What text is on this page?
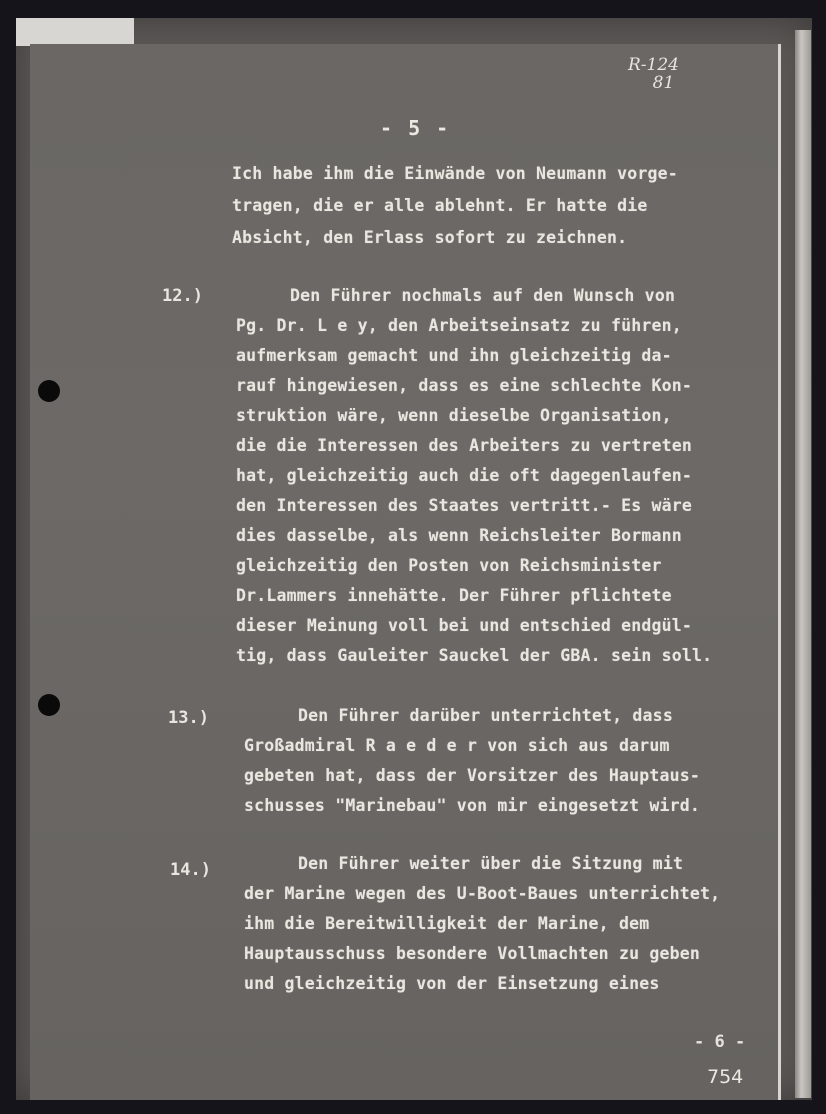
R-124
81
- 5 -
Ich habe ihm die Einwände von Neumann vorge-
tragen, die er alle ablehnt. Er hatte die
Absicht, den Erlass sofort zu zeichnen.
12.)	Den Führer nochmals auf den Wunsch von
Pg. Dr. L e y, den Arbeitseinsatz zu führen,
aufmerksam gemacht und ihn gleichzeitig da-
rauf hingewiesen, dass es eine schlechte Kon-
struktion wäre, wenn dieselbe Organisation,
die die Interessen des Arbeiters zu vertreten
hat, gleichzeitig auch die oft dagegenlaufen-
den Interessen des Staates vertritt.- Es wäre
dies dasselbe, als wenn Reichsleiter Bormann
gleichzeitig den Posten von Reichsminister
Dr.Lammers innehätte. Der Führer pflichtete
dieser Meinung voll bei und entschied endgül-
tig, dass Gauleiter Sauckel der GBA. sein soll.
13.)	Den Führer darüber unterrichtet, dass
Großadmiral R a e d e r von sich aus darum
gebeten hat, dass der Vorsitzer des Hauptaus-
schusses "Marinebau" von mir eingesetzt wird.
14.)	Den Führer weiter über die Sitzung mit
der Marine wegen des U-Boot-Baues unterrichtet,
ihm die Bereitwilligkeit der Marine, dem
Hauptausschuss besondere Vollmachten zu geben
und gleichzeitig von der Einsetzung eines
- 6 -
754
